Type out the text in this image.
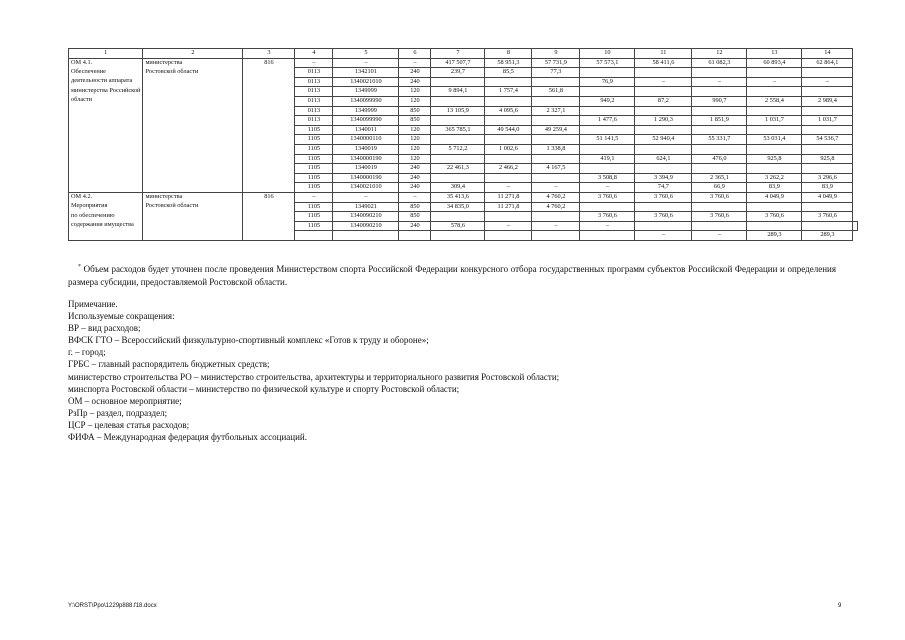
1	2	3	4	5	6	7	8	9	10	11	12	13	14	
ОМ 4.1.	министерства	816	–	–	–	417 507,7	58 951,3	57 731,9	57 573,1	58 411,6	61 082,3	60 893,4	62 864,1	
Обеспечение	Ростовской области		0113	1342101	240	239,7	85,5	77,3						
деятельности аппарата			0113	1340021010	240				76,9	–	–	–	–	
министерства Российской			0113	1349999	120	9 894,1	1 757,4	561,8						
области			0113	1340099990	120				949,2	87,2	990,7	2 558,4	2 989,4	
			0113	1349999	850	13 105,9	4 095,6	2 327,1						
			0113	1340099990	850				1 477,6	1 290,3	1 851,9	1 031,7	1 031,7	
			1105	1340011	120	365 785,1	49 544,0	49 259,4						
			1105	1340000110	120				51 141,5	52 940,4	55 331,7	53 031,4	54 536,7	
			1105	1340019	120	5 712,2	1 002,6	1 338,8						
			1105	1340000190	120				419,1	624,1	476,0	925,8	925,8	
			1105	1340019	240	22 461,3	2 466,2	4 167,5						
			1105	1340000190	240				3 508,8	3 394,9	2 365,1	3 262,2	3 296,6	
			1105	1340021010	240	309,4	–	–	–	74,7	66,9	83,9	83,9	
ОМ 4.2.	министерства	816	–	–	–	35 413,6	11 271,8	4 760,2	3 760,6	3 760,6	3 760,6	4 049,9	4 049,9	
Мероприятия	Ростовской области		1105	1349021	850	34 835,0	11 271,8	4 760,2						
по обеспечению			1105	1340090210	850				3 760,6	3 760,6	3 760,6	3 760,6	3 760,6	
содержания имущества			1105	1340090210	240	578,6	–	–	–					
										–	–	289,3	289,3	
* Объем расходов будет уточнен после проведения Министерством спорта Российской Федерации конкурсного отбора государственных программ субъектов Российской Федерации и определения размера субсидии, предоставляемой Ростовской области.
Примечание.
Используемые сокращения:
ВР – вид расходов;
ВФСК ГТО – Всероссийский физкультурно-спортивный комплекс «Готов к труду и обороне»;
г. – город;
ГРБС – главный распорядитель бюджетных средств;
министерство строительства РО – министерство строительства, архитектуры и территориального развития Ростовской области;
минспорта Ростовской области – министерство по физической культуре и спорту Ростовской области;
ОМ – основное мероприятие;
РзПр – раздел, подраздел;
ЦСР – целевая статья расходов;
ФИФА – Международная федерация футбольных ассоциаций.
Y:\ORST\Ppo\1229p888.f18.docx	9
